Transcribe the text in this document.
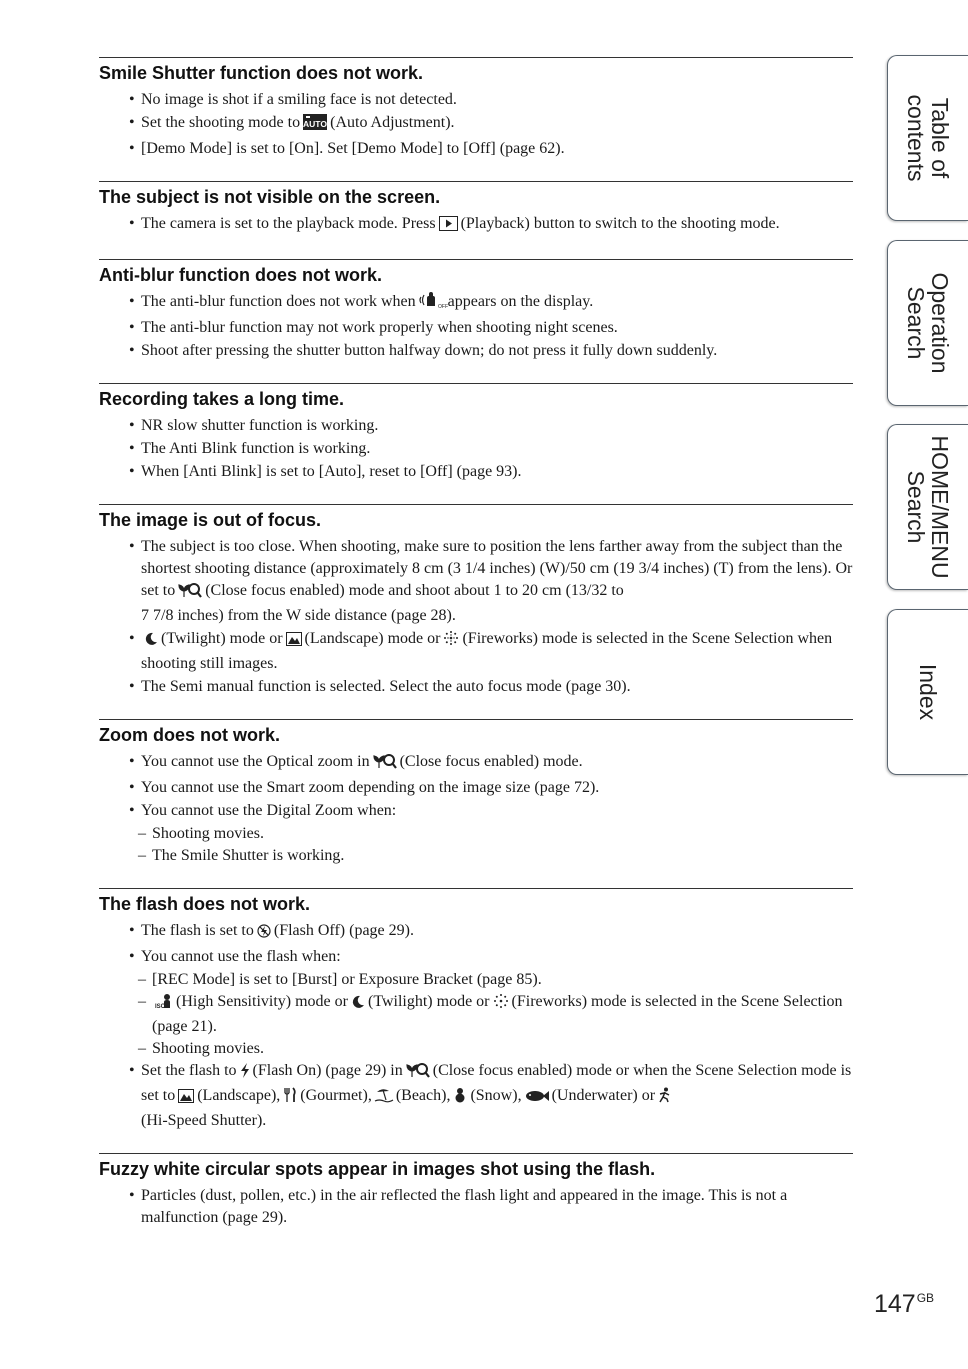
Table of
contents
Operation
Search
HOME/MENU
Search
Index
Smile Shutter function does not work.
• No image is shot if a smiling face is not detected.
• Set the shooting mode to AUTO (Auto Adjustment).
• [Demo Mode] is set to [On]. Set [Demo Mode] to [Off] (page 62).
The subject is not visible on the screen.
• The camera is set to the playback mode. Press (Playback) button to switch to the shooting mode.
Anti-blur function does not work.
• The anti-blur function does not work when	OFF appears on the display.
• The anti-blur function may not work properly when shooting night scenes.
• Shoot after pressing the shutter button halfway down; do not press it fully down suddenly.
Recording takes a long time.
• NR slow shutter function is working.
• The Anti Blink function is working.
• When [Anti Blink] is set to [Auto], reset to [Off] (page 93).
The image is out of focus.
• The subject is too close. When shooting, make sure to position the lens farther away from the subject than the shortest shooting distance (approximately 8 cm (3 1/4 inches) (W)/50 cm (19 3/4 inches) (T) from the lens). Or set to (Close focus enabled) mode and shoot about 1 to 20 cm (13/32 to
7 7/8 inches) from the W side distance (page 28).
• (Twilight) mode or (Landscape) mode or (Fireworks) mode is selected in the Scene Selection when shooting still images.
• The Semi manual function is selected. Select the auto focus mode (page 30).
Zoom does not work.
• You cannot use the Optical zoom in (Close focus enabled) mode.
• You cannot use the Smart zoom depending on the image size (page 72).
• You cannot use the Digital Zoom when:
– Shooting movies.
– The Smile Shutter is working.
The flash does not work.
• The flash is set to (Flash Off) (page 29).
• You cannot use the flash when:
– [REC Mode] is set to [Burst] or Exposure Bracket (page 85).
– ISO (High Sensitivity) mode or (Twilight) mode or (Fireworks) mode is selected in the Scene Selection (page 21).
– Shooting movies.
• Set the flash to (Flash On) (page 29) in (Close focus enabled) mode or when the Scene Selection mode is set to (Landscape), (Gourmet), (Beach), (Snow), (Underwater) or
(Hi-Speed Shutter).
Fuzzy white circular spots appear in images shot using the flash.
• Particles (dust, pollen, etc.) in the air reflected the flash light and appeared in the image. This is not a malfunction (page 29).
$147^{GB}$
